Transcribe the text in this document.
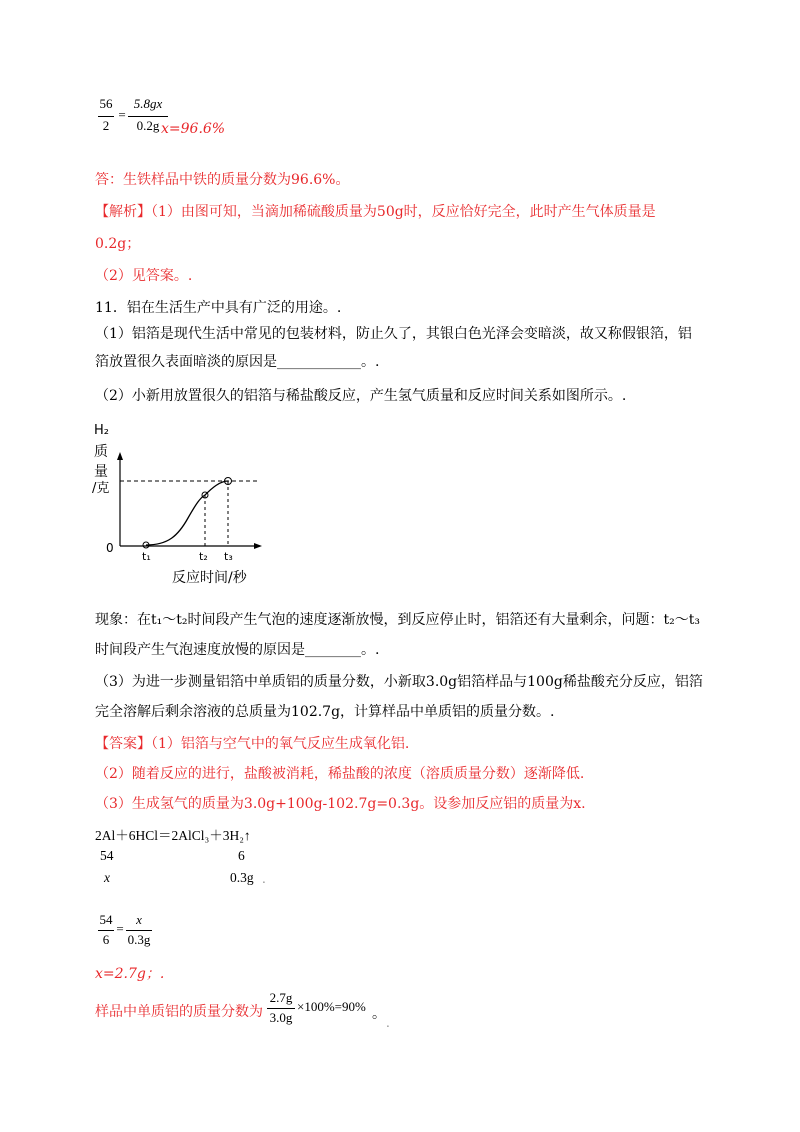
56
2
=
5.8gx
0.2g x=96.6%
答：生铁样品中铁的质量分数为96.6%。
【解析】（1）由图可知，当滴加稀硫酸质量为50g时，反应恰好完全，此时产生气体质量是
0.2g；
（2）见答案。.
11．铝在生活生产中具有广泛的用途。.
（1）铝箔是现代生活中常见的包装材料，防止久了，其银白色光泽会变暗淡，故又称假银箔，铝
箔放置很久表面暗淡的原因是____________。.
（2）小新用放置很久的铝箔与稀盐酸反应，产生氢气质量和反应时间关系如图所示。.
H₂
质
量
/克
0
t₁	t₂ t₃
反应时间/秒
现象：在t₁～t₂时间段产生气泡的速度逐渐放慢，到反应停止时，铝箔还有大量剩余，问题：t₂～t₃
时间段产生气泡速度放慢的原因是________。.
（3）为进一步测量铝箔中单质铝的质量分数，小新取3.0g铝箔样品与100g稀盐酸充分反应，铝箔
完全溶解后剩余溶液的总质量为102.7g，计算样品中单质铝的质量分数。.
【答案】（1）铝箔与空气中的氧气反应生成氧化铝.
（2）随着反应的进行，盐酸被消耗，稀盐酸的浓度（溶质质量分数）逐渐降低.
（3）生成氢气的质量为3.0g+100g-102.7g=0.3g。设参加反应铝的质量为x.
2Al＋6HCl＝2AlCl₃＋3H₂↑
54	6
x	0.3g .
54
6
=
x
0.3g
x=2.7g；.
样品中单质铝的质量分数为
2.7g
3.0g
×100%=90% 。
.
